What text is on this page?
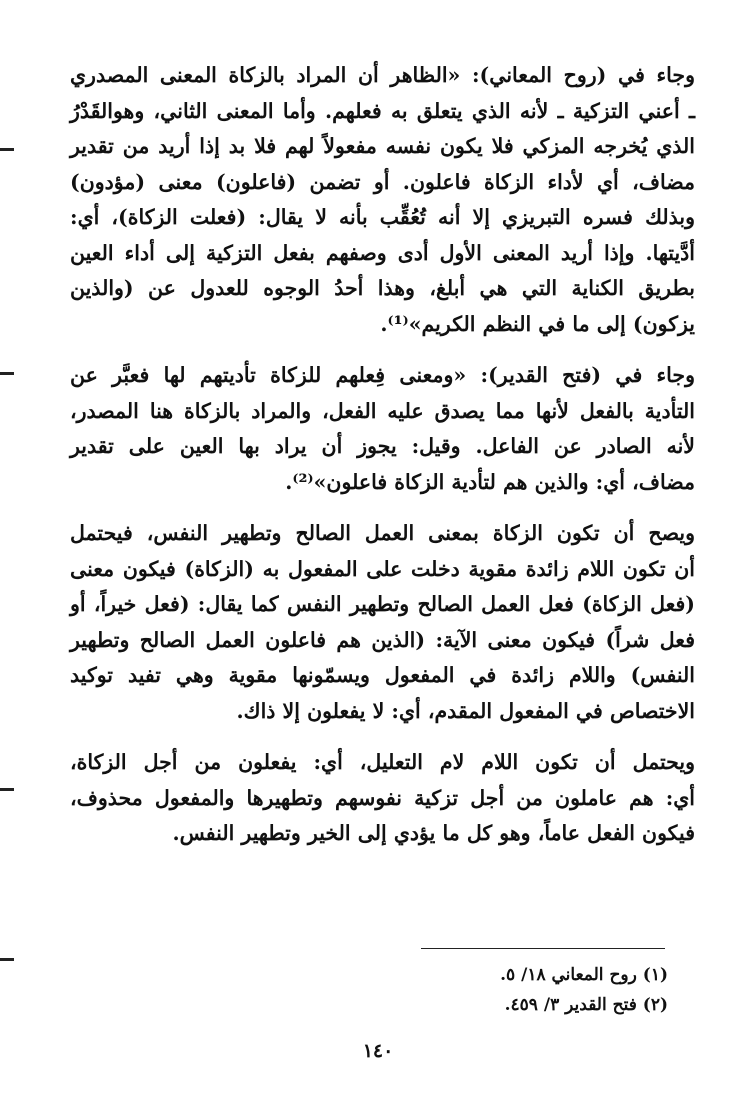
وجاء في (روح المعاني): «الظاهر أن المراد بالزكاة المعنى المصدري
ـ أعني التزكية ـ لأنه الذي يتعلق به فعلهم. وأما المعنى الثاني، وهوالقَدْرُ
الذي يُخرجه المزكي فلا يكون نفسه مفعولاً لهم فلا بد إذا أريد من تقدير
مضاف، أي لأداء الزكاة فاعلون. أو تضمن (فاعلون) معنى (مؤدون)
وبذلك فسره التبريزي إلا أنه تُعُقِّب بأنه لا يقال: (فعلت الزكاة)، أي:
أدَّيتها. وإذا أريد المعنى الأول أدى وصفهم بفعل التزكية إلى أداء العين
بطريق الكناية التي هي أبلغ، وهذا أحدُ الوجوه للعدول عن (والذين
يزكون) إلى ما في النظم الكريم»⁽¹⁾.

وجاء في (فتح القدير): «ومعنى فِعلهم للزكاة تأديتهم لها فعبَّر عن
التأدية بالفعل لأنها مما يصدق عليه الفعل، والمراد بالزكاة هنا المصدر،
لأنه الصادر عن الفاعل. وقيل: يجوز أن يراد بها العين على تقدير
مضاف، أي: والذين هم لتأدية الزكاة فاعلون»⁽²⁾.

ويصح أن تكون الزكاة بمعنى العمل الصالح وتطهير النفس، فيحتمل
أن تكون اللام زائدة مقوية دخلت على المفعول به (الزكاة) فيكون معنى
(فعل الزكاة) فعل العمل الصالح وتطهير النفس كما يقال: (فعل خيراً، أو
فعل شراً) فيكون معنى الآية: (الذين هم فاعلون العمل الصالح وتطهير
النفس) واللام زائدة في المفعول ويسمّونها مقوية وهي تفيد توكيد
الاختصاص في المفعول المقدم، أي: لا يفعلون إلا ذاك.

ويحتمل أن تكون اللام لام التعليل، أي: يفعلون من أجل الزكاة،
أي: هم عاملون من أجل تزكية نفوسهم وتطهيرها والمفعول محذوف،
فيكون الفعل عاماً، وهو كل ما يؤدي إلى الخير وتطهير النفس.

(١) روح المعاني ١٨/ ٥.
(٢) فتح القدير ٣/ ٤٥٩.
١٤٠
